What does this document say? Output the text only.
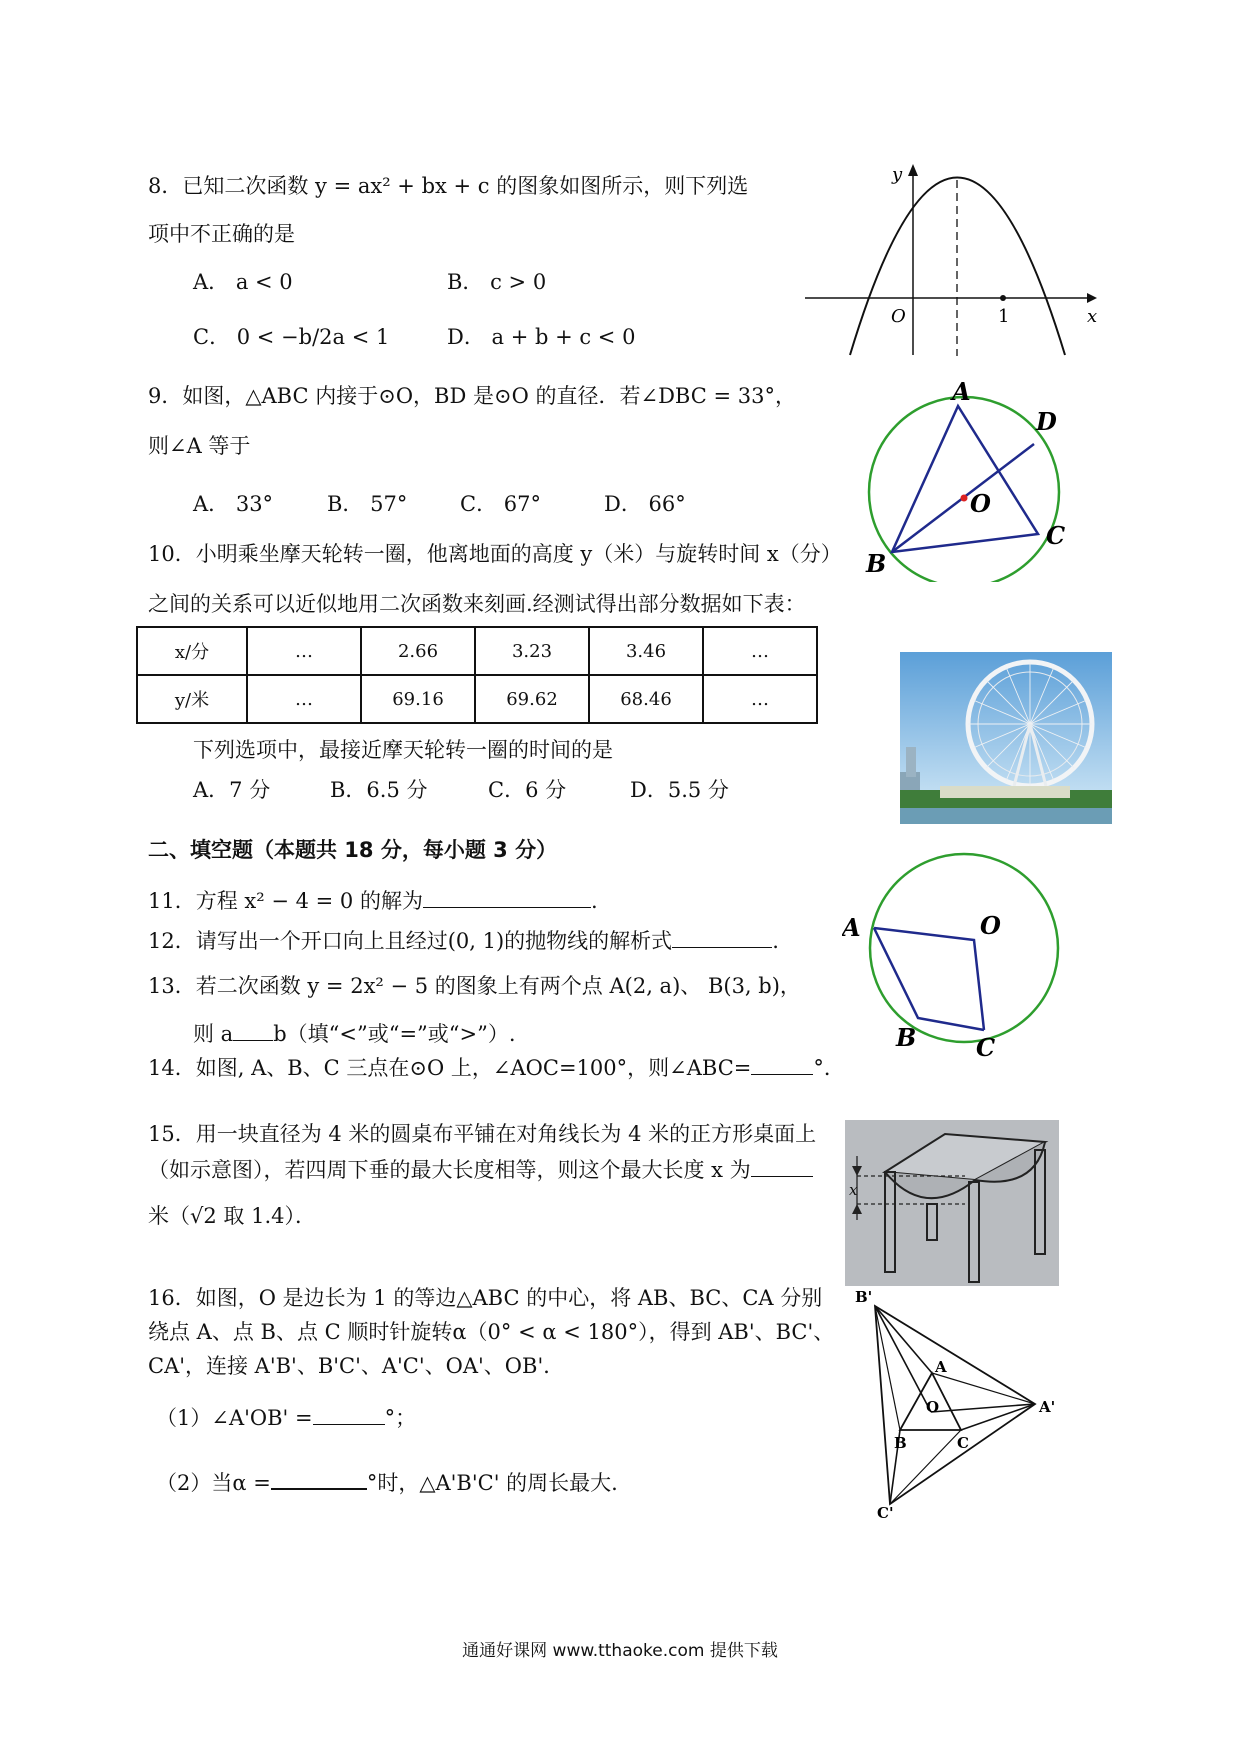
8．已知二次函数 y = ax² + bx + c 的图象如图所示，则下列选
项中不正确的是
A． a < 0	B． c > 0
C． 0 < −b/2a < 1	D． a + b + c < 0
y
x
O	1
9．如图，△ABC 内接于⊙O，BD 是⊙O 的直径．若∠DBC = 33°，
则∠A 等于
A． 33°	B． 57°	C． 67°	D． 66°
A
D
O
C
B
10．小明乘坐摩天轮转一圈，他离地面的高度 y（米）与旋转时间 x（分）
之间的关系可以近似地用二次函数来刻画.经测试得出部分数据如下表：
x/分	…	2.66	3.23	3.46	…
y/米	…	69.16	69.62	68.46	…
下列选项中，最接近摩天轮转一圈的时间的是
A．7 分	B．6.5 分	C．6 分	D．5.5 分
二、填空题（本题共 18 分，每小题 3 分）
11．方程 x² − 4 = 0 的解为	.
12．请写出一个开口向上且经过(0, 1)的抛物线的解析式	.
13．若二次函数 y = 2x² − 5 的图象上有两个点 A(2, a)、 B(3, b)，
则 a b（填“<”或“=”或“>”）.
14．如图, A、B、C 三点在⊙O 上，∠AOC=100°，则∠ABC=	°．
A	O
B C
15．用一块直径为 4 米的圆桌布平铺在对角线长为 4 米的正方形桌面上
（如示意图），若四周下垂的最大长度相等，则这个最大长度 x 为
米（√2 取 1.4）．
x
16．如图，O 是边长为 1 的等边△ABC 的中心，将 AB、BC、CA 分别
绕点 A、点 B、点 C 顺时针旋转α（0° < α < 180°），得到 AB'、BC'、
CA'，连接 A'B'、B'C'、A'C'、OA'、OB'．
（1）∠A'OB' =	°；
（2）当α =	°时，△A'B'C' 的周长最大.
A
O
B	C
A'
B'
C'
通通好课网 www.tthaoke.com 提供下载
